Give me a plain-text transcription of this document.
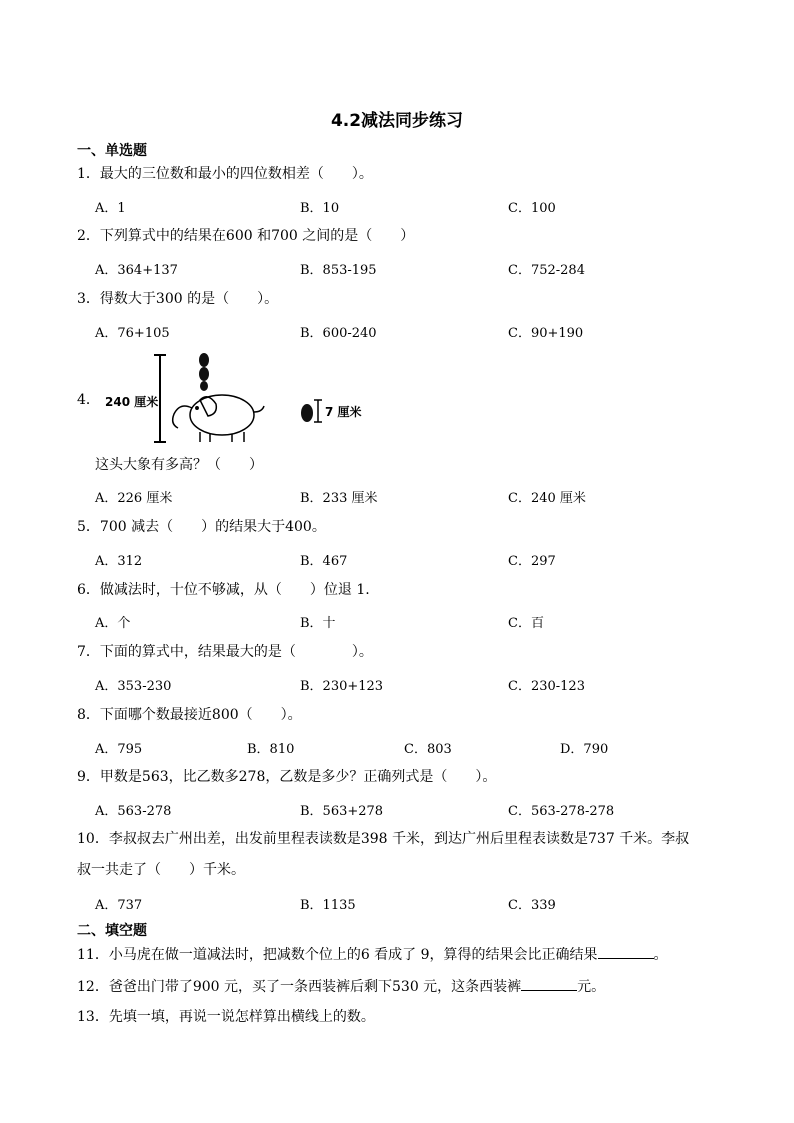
4.2减法同步练习
一、单选题
1．最大的三位数和最小的四位数相差（　　）。
A．1	B．10	C．100
2．下列算式中的结果在600 和700 之间的是（　　）
A．364+137	B．853-195	C．752-284
3．得数大于300 的是（　　）。
A．76+105	B．600-240	C．90+190
4． 240 厘米
7 厘米
这头大象有多高？（　　）
A．226 厘米	B．233 厘米	C．240 厘米
5．700 减去（　　）的结果大于400。
A．312	B．467	C．297
6．做减法时，十位不够减，从（　　）位退 1.
A．个	B．十	C．百
7．下面的算式中，结果最大的是（　　　　）。
A．353-230	B．230+123	C．230-123
8．下面哪个数最接近800（　　）。
A．795	B．810	C．803	D．790
9．甲数是563，比乙数多278，乙数是多少？正确列式是（　　）。
A．563-278	B．563+278	C．563-278-278
10．李叔叔去广州出差，出发前里程表读数是398 千米，到达广州后里程表读数是737 千米。李叔
叔一共走了（　　）千米。
A．737	B．1135	C．339
二、填空题
11．小马虎在做一道减法时，把减数个位上的6 看成了 9，算得的结果会比正确结果	。
12．爸爸出门带了900 元，买了一条西装裤后剩下530 元，这条西装裤	元。
13．先填一填，再说一说怎样算出横线上的数。
